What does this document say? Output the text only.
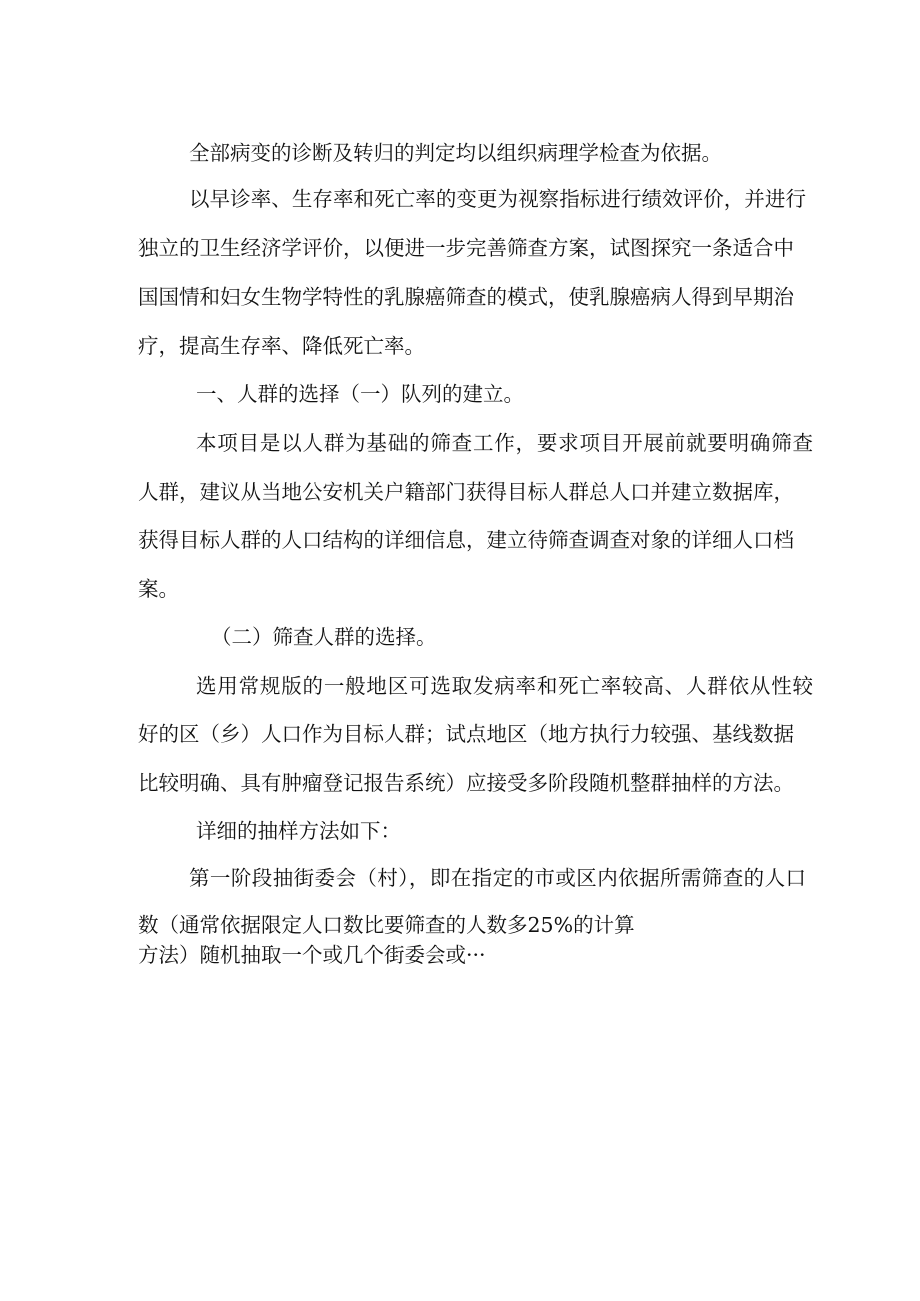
全部病变的诊断及转归的判定均以组织病理学检查为依据。
以早诊率、生存率和死亡率的变更为视察指标进行绩效评价，并进行
独立的卫生经济学评价，以便进一步完善筛查方案，试图探究一条适合中
国国情和妇女生物学特性的乳腺癌筛查的模式，使乳腺癌病人得到早期治
疗，提高生存率、降低死亡率。
一、人群的选择（一）队列的建立。
本项目是以人群为基础的筛查工作，要求项目开展前就要明确筛查
人群，建议从当地公安机关户籍部门获得目标人群总人口并建立数据库，
获得目标人群的人口结构的详细信息，建立待筛查调查对象的详细人口档
案。
（二）筛查人群的选择。
选用常规版的一般地区可选取发病率和死亡率较高、人群依从性较
好的区（乡）人口作为目标人群；试点地区（地方执行力较强、基线数据
比较明确、具有肿瘤登记报告系统）应接受多阶段随机整群抽样的方法。
详细的抽样方法如下：
第一阶段抽街委会（村），即在指定的市或区内依据所需筛查的人口
数（通常依据限定人口数比要筛查的人数多25%的计算
方法）随机抽取一个或几个街委会或···
